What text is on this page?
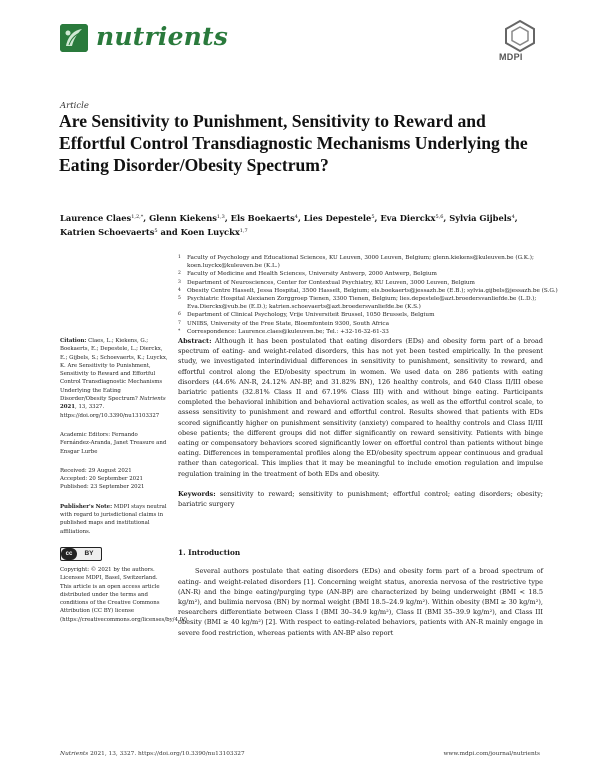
nutrients
MDPI
Article
Are Sensitivity to Punishment, Sensitivity to Reward and Effortful Control Transdiagnostic Mechanisms Underlying the Eating Disorder/Obesity Spectrum?
Laurence Claes$^{1,2,*}$, Glenn Kiekens$^{1,3}$, Els Boekaerts$^4$, Lies Depestele$^5$, Eva Dierckx$^{5,6}$, Sylvia Gijbels$^4$, Katrien Schoevaerts$^5$ and Koen Luyckx$^{1,7}$
1	Faculty of Psychology and Educational Sciences, KU Leuven, 3000 Leuven, Belgium; glenn.kiekens@kuleuven.be (G.K.); koen.luyckx@kuleuven.be (K.L.)
2	Faculty of Medicine and Health Sciences, University Antwerp, 2000 Antwerp, Belgium
3	Department of Neurosciences, Center for Contextual Psychiatry, KU Leuven, 3000 Leuven, Belgium
4	Obesity Centre Hasselt, Jessa Hospital, 3500 Hasselt, Belgium; els.boekaerts@jessazh.be (E.B.); sylvia.gijbels@jessazh.be (S.G.)
5	Psychiatric Hospital Alexianen Zorggroep Tienen, 3300 Tienen, Belgium; lies.depestele@azt.broedersvanliefde.be (L.D.); Eva.Dierckx@vub.be (E.D.); katrien.schoevaerts@azt.broedersvanliefde.be (K.S.)
6	Department of Clinical Psychology, Vrije Universiteit Brussel, 1050 Brussels, Belgium
7	UNIBS, University of the Free State, Bloemfontein 9300, South Africa
*	Correspondence: Laurence.claes@kuleuven.be; Tel.: +32-16-32-61-33
Citation: Claes, L.; Kiekens, G.; Boekaerts, E.; Depestele, L.; Dierckx, E.; Gijbels, S.; Schoevaerts, K.; Luyckx, K. Are Sensitivity to Punishment, Sensitivity to Reward and Effortful Control Transdiagnostic Mechanisms Underlying the Eating Disorder/Obesity Spectrum? Nutrients 2021, 13, 3327. https://doi.org/10.3390/nu13103327
Academic Editors: Fernando Fernández-Aranda, Janet Treasure and Ensgar Lurbe
Received: 29 August 2021
Accepted: 20 September 2021
Published: 23 September 2021
Publisher's Note: MDPI stays neutral with regard to jurisdictional claims in published maps and institutional affiliations.
cc	BY
Copyright: © 2021 by the authors. Licensee MDPI, Basel, Switzerland. This article is an open access article distributed under the terms and conditions of the Creative Commons Attribution (CC BY) license (https://creativecommons.org/licenses/by/4.0/).
Abstract: Although it has been postulated that eating disorders (EDs) and obesity form part of a broad spectrum of eating- and weight-related disorders, this has not yet been tested empirically. In the present study, we investigated interindividual differences in sensitivity to punishment, sensitivity to reward, and effortful control along the ED/obesity spectrum in women. We used data on 286 patients with eating disorders (44.6% AN-R, 24.12% AN-BP, and 31.82% BN), 126 healthy controls, and 640 Class II/III obese bariatric patients (32.81% Class II and 67.19% Class III) with and without binge eating. Participants completed the behavioral inhibition and behavioral activation scales, as well as the effortful control scale, to assess sensitivity to punishment and reward and effortful control. Results showed that patients with EDs scored significantly higher on punishment sensitivity (anxiety) compared to healthy controls and Class II/III obese patients; the different groups did not differ significantly on reward sensitivity. Patients with binge eating or compensatory behaviors scored significantly lower on effortful control than patients without binge eating. Differences in temperamental profiles along the ED/obesity spectrum appear continuous and gradual rather than categorical. This implies that it may be meaningful to include emotion regulation and impulse regulation training in the treatment of both EDs and obesity.
Keywords: sensitivity to reward; sensitivity to punishment; effortful control; eating disorders; obesity; bariatric surgery
1. Introduction
Several authors postulate that eating disorders (EDs) and obesity form part of a broad spectrum of eating- and weight-related disorders [1]. Concerning weight status, anorexia nervosa of the restrictive type (AN-R) and the binge eating/purging type (AN-BP) are characterized by being underweight (BMI < 18.5 kg/m²), and bulimia nervosa (BN) by normal weight (BMI 18.5–24.9 kg/m²). Within obesity (BMI ≥ 30 kg/m²), researchers differentiate between Class I (BMI 30–34.9 kg/m²), Class II (BMI 35–39.9 kg/m²), and Class III obesity (BMI ≥ 40 kg/m²) [2]. With respect to eating-related behaviors, patients with AN-R mainly engage in severe food restriction, whereas patients with AN-BP also report
Nutrients 2021, 13, 3327. https://doi.org/10.3390/nu13103327	www.mdpi.com/journal/nutrients
